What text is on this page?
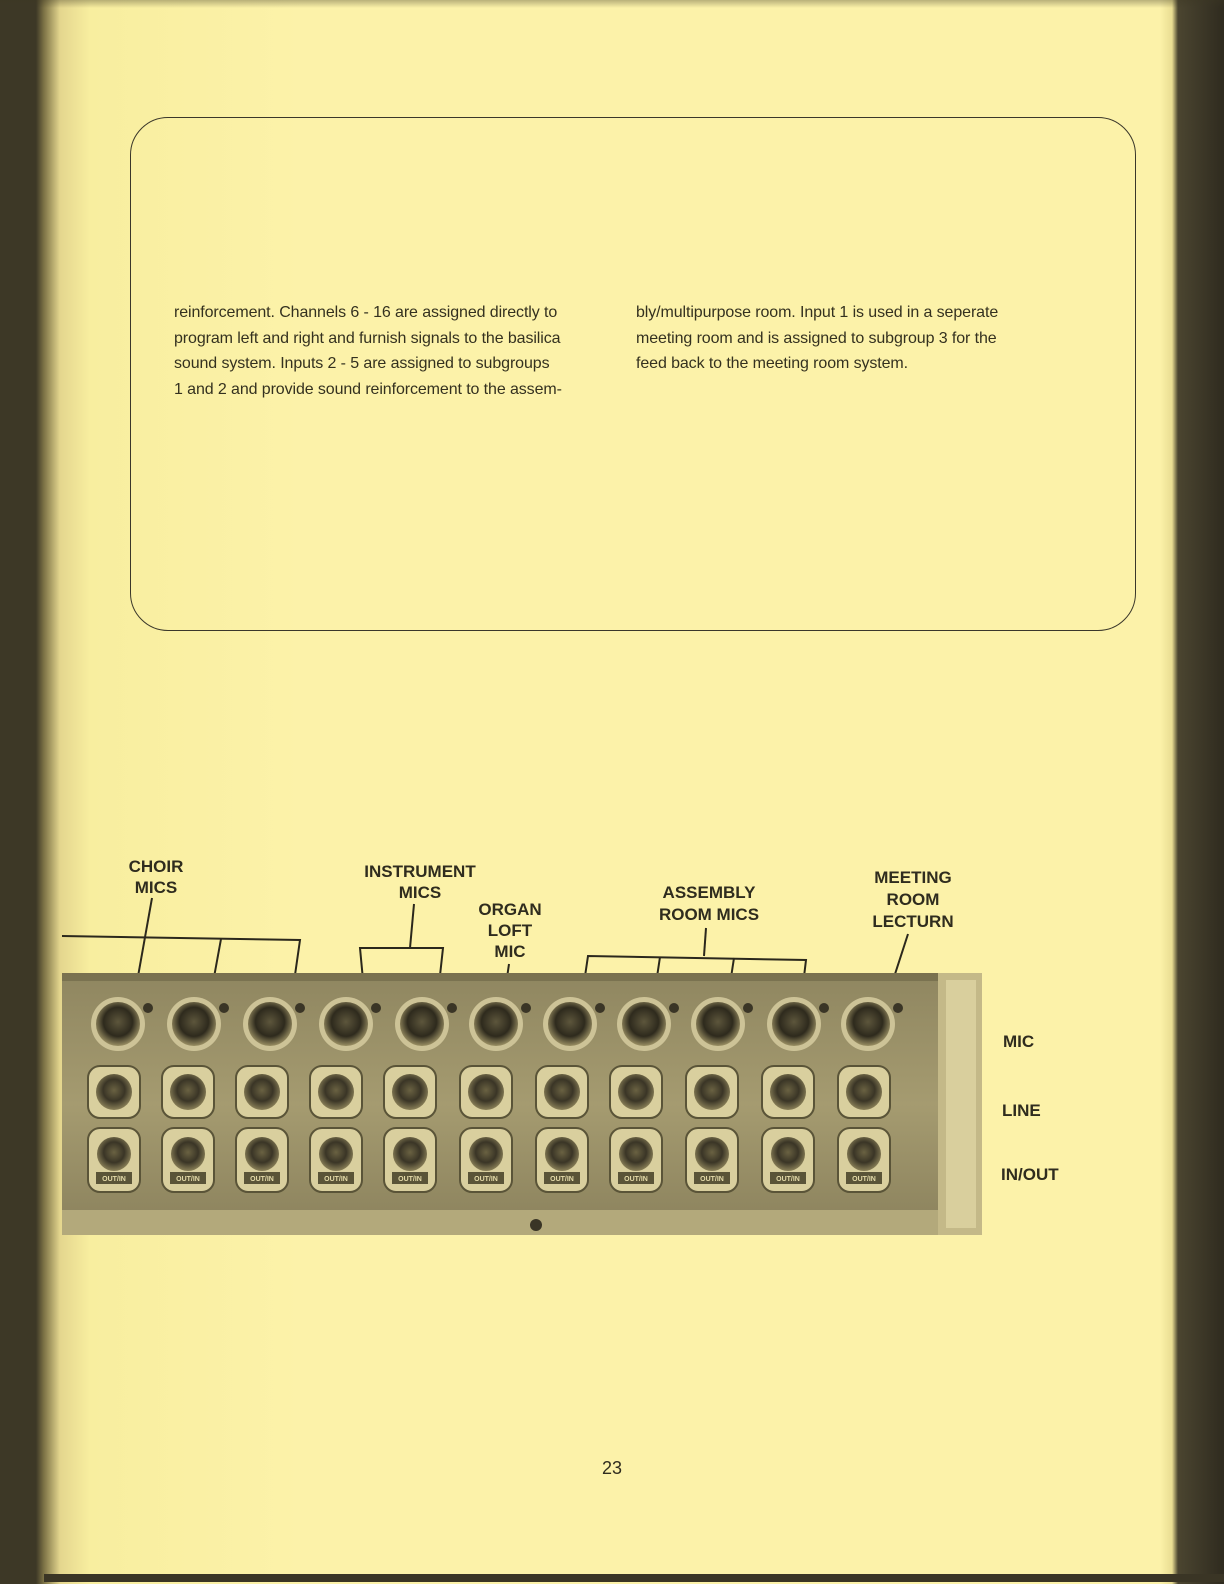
reinforcement. Channels 6 - 16 are assigned directly to
program left and right and furnish signals to the basilica
sound system. Inputs 2 - 5 are assigned to subgroups
1 and 2 and provide sound reinforcement to the assem-
bly/multipurpose room. Input 1 is used in a seperate
meeting room and is assigned to subgroup 3 for the
feed back to the meeting room system.
CHOIR
MICS
INSTRUMENT
MICS
ORGAN
LOFT
MIC
ASSEMBLY
ROOM MICS
MEETING
ROOM
LECTURN
OUT/IN	OUT/IN	OUT/IN	OUT/IN	OUT/IN	OUT/IN	OUT/IN	OUT/IN	OUT/IN	OUT/IN	OUT/IN
MIC
LINE
IN/OUT
23
